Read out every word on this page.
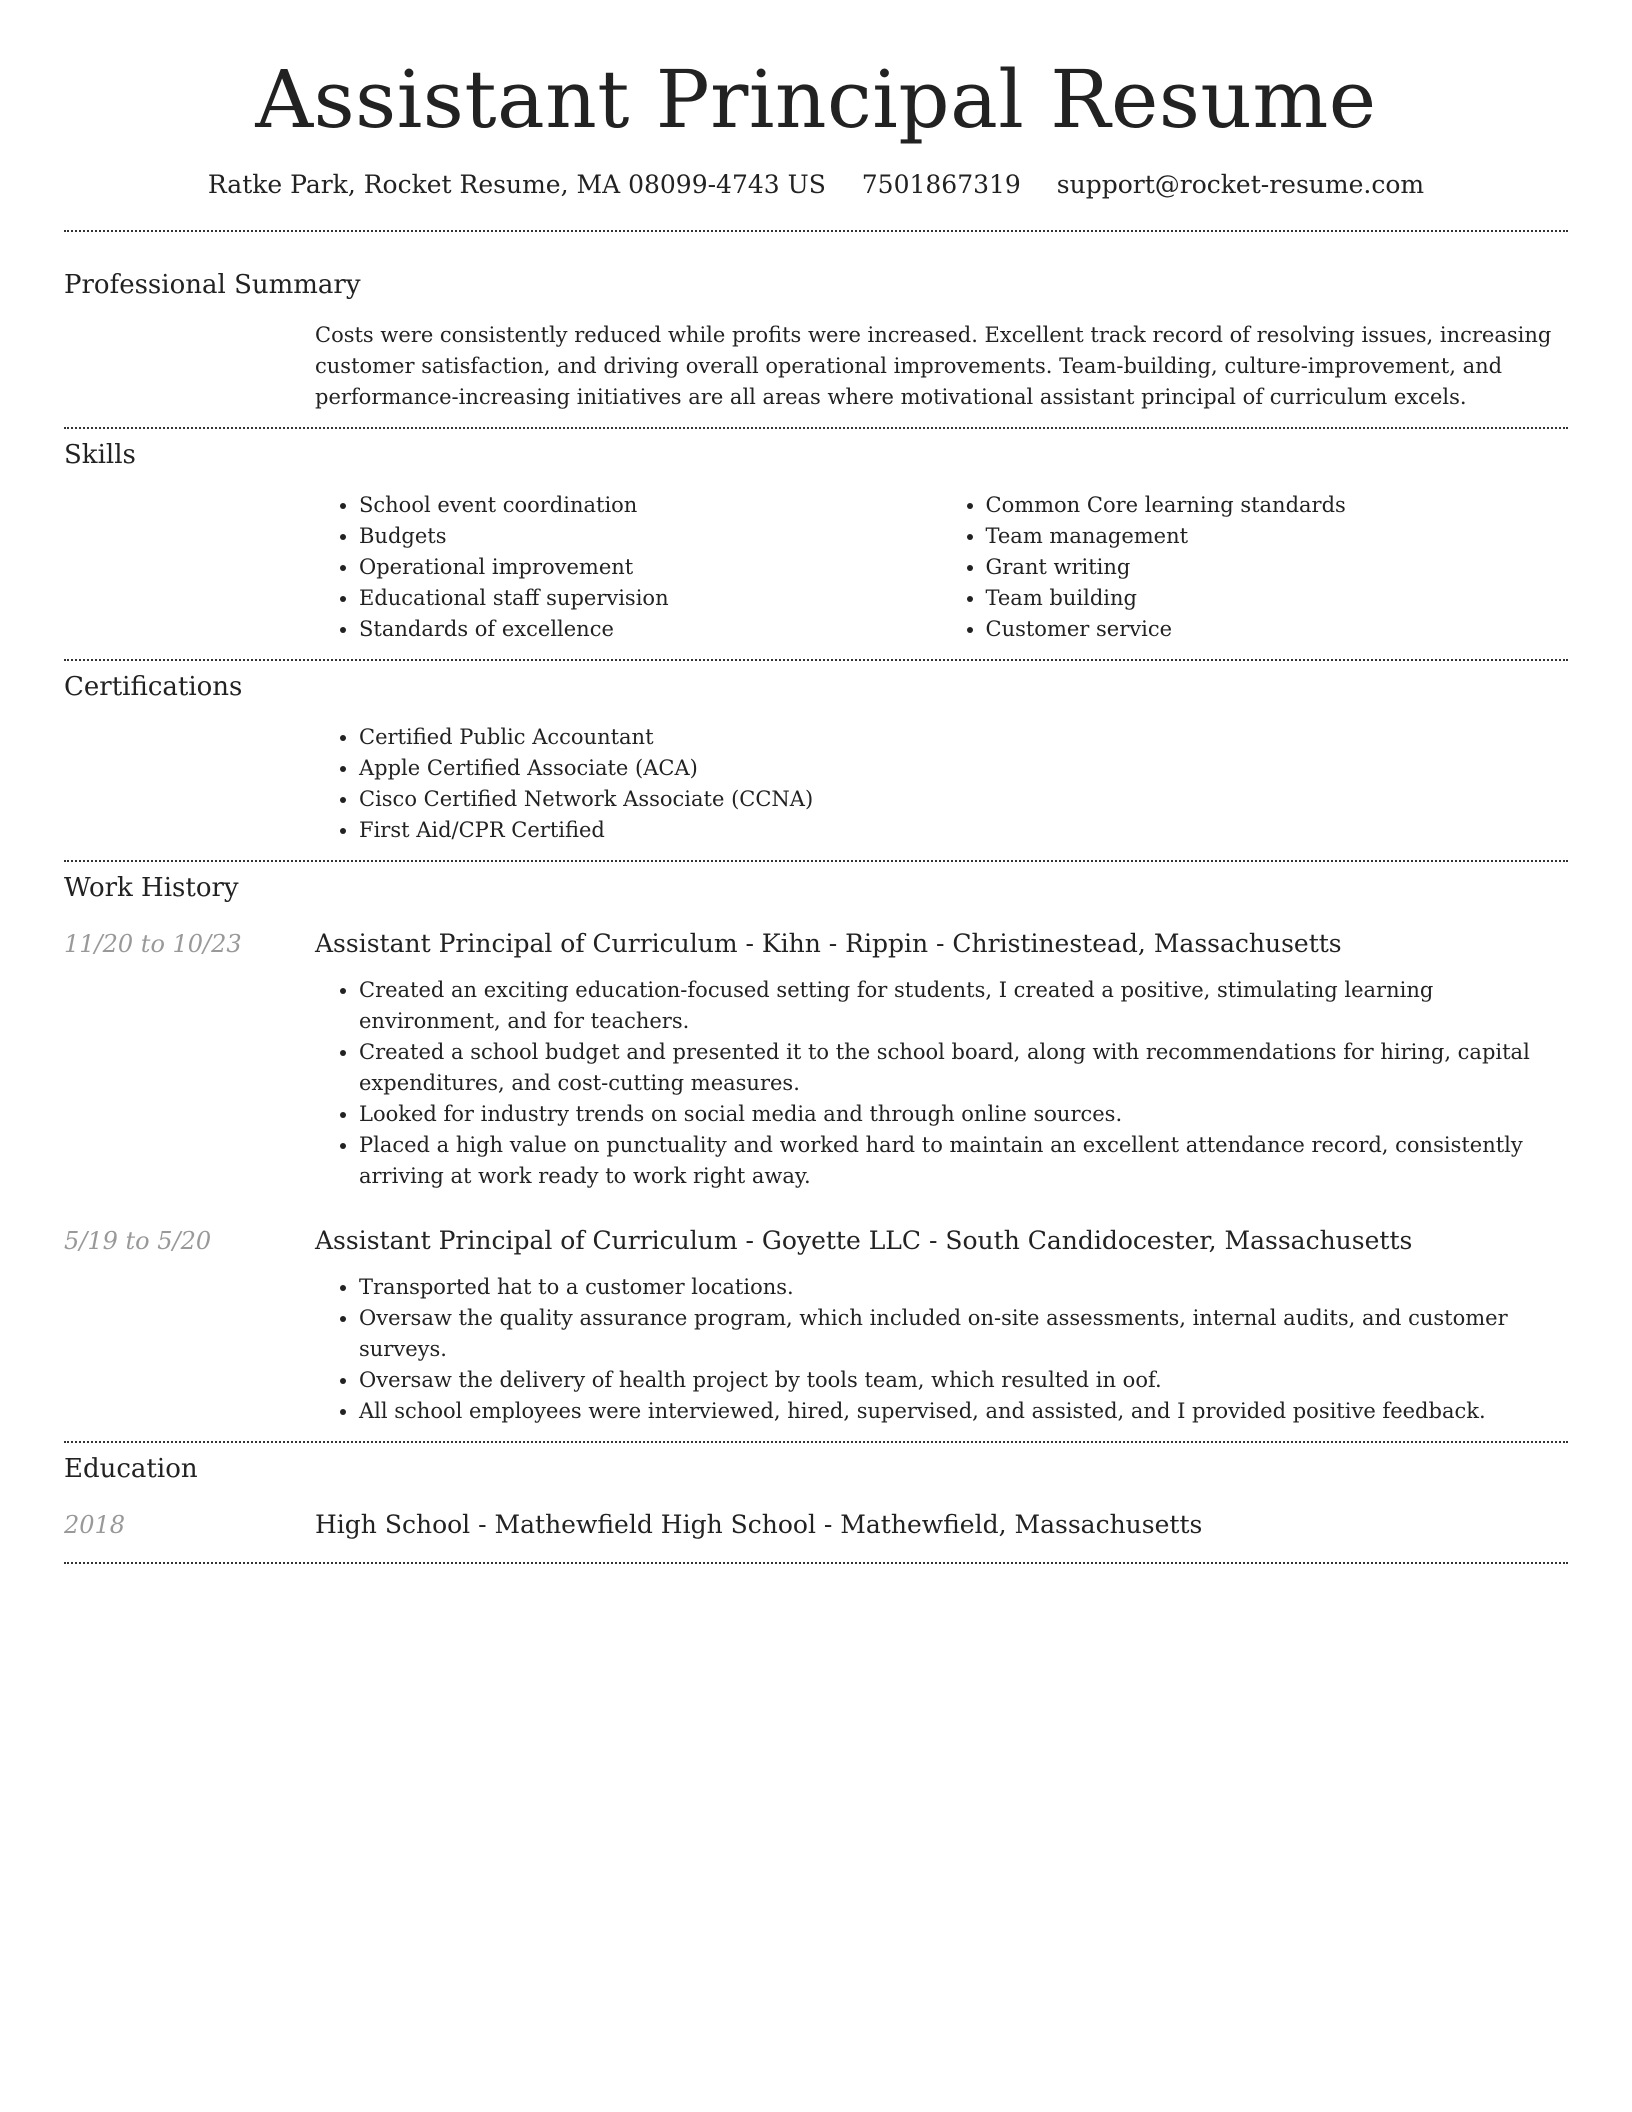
Assistant Principal Resume
Ratke Park, Rocket Resume, MA 08099-4743 US 7501867319 support@rocket-resume.com
Professional Summary

Costs were consistently reduced while profits were increased. Excellent track record of resolving issues, increasing customer satisfaction, and driving overall operational improvements. Team-building, culture-improvement, and performance-increasing initiatives are all areas where motivational assistant principal of curriculum excels.

Skills
• School event coordination
• Budgets
• Operational improvement
• Educational staff supervision
• Standards of excellence
• Common Core learning standards
• Team management
• Grant writing
• Team building
• Customer service
Certifications
• Certified Public Accountant
• Apple Certified Associate (ACA)
• Cisco Certified Network Associate (CCNA)
• First Aid/CPR Certified
Work History
11/20 to 10/23	Assistant Principal of Curriculum - Kihn - Rippin - Christinestead, Massachusetts
• Created an exciting education-focused setting for students, I created a positive, stimulating learning environment, and for teachers.
• Created a school budget and presented it to the school board, along with recommendations for hiring, capital expenditures, and cost-cutting measures.
• Looked for industry trends on social media and through online sources.
• Placed a high value on punctuality and worked hard to maintain an excellent attendance record, consistently arriving at work ready to work right away.
5/19 to 5/20	Assistant Principal of Curriculum - Goyette LLC - South Candidocester, Massachusetts
• Transported hat to a customer locations.
• Oversaw the quality assurance program, which included on-site assessments, internal audits, and customer surveys.
• Oversaw the delivery of health project by tools team, which resulted in oof.
• All school employees were interviewed, hired, supervised, and assisted, and I provided positive feedback.
Education
2018	High School - Mathewfield High School - Mathewfield, Massachusetts
